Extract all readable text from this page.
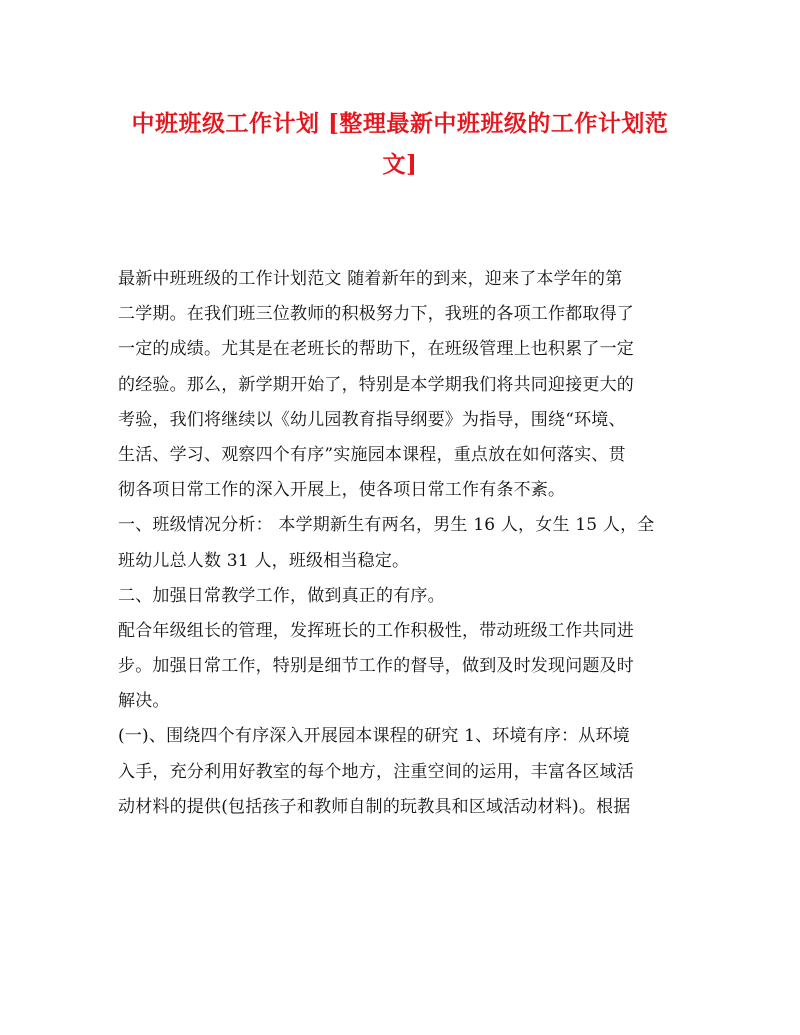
中班班级工作计划 [整理最新中班班级的工作计划范
文]
最新中班班级的工作计划范文 随着新年的到来，迎来了本学年的第
二学期。在我们班三位教师的积极努力下，我班的各项工作都取得了
一定的成绩。尤其是在老班长的帮助下，在班级管理上也积累了一定
的经验。那么，新学期开始了，特别是本学期我们将共同迎接更大的
考验，我们将继续以《幼儿园教育指导纲要》为指导，围绕“环境、
生活、学习、观察四个有序”实施园本课程，重点放在如何落实、贯
彻各项日常工作的深入开展上，使各项日常工作有条不紊。
一、班级情况分析： 本学期新生有两名，男生 16 人，女生 15 人，全
班幼儿总人数 31 人，班级相当稳定。
二、加强日常教学工作，做到真正的有序。
配合年级组长的管理，发挥班长的工作积极性，带动班级工作共同进
步。加强日常工作，特别是细节工作的督导，做到及时发现问题及时
解决。
(一)、围绕四个有序深入开展园本课程的研究 1、环境有序：从环境
入手，充分利用好教室的每个地方，注重空间的运用，丰富各区域活
动材料的提供(包括孩子和教师自制的玩教具和区域活动材料)。根据
